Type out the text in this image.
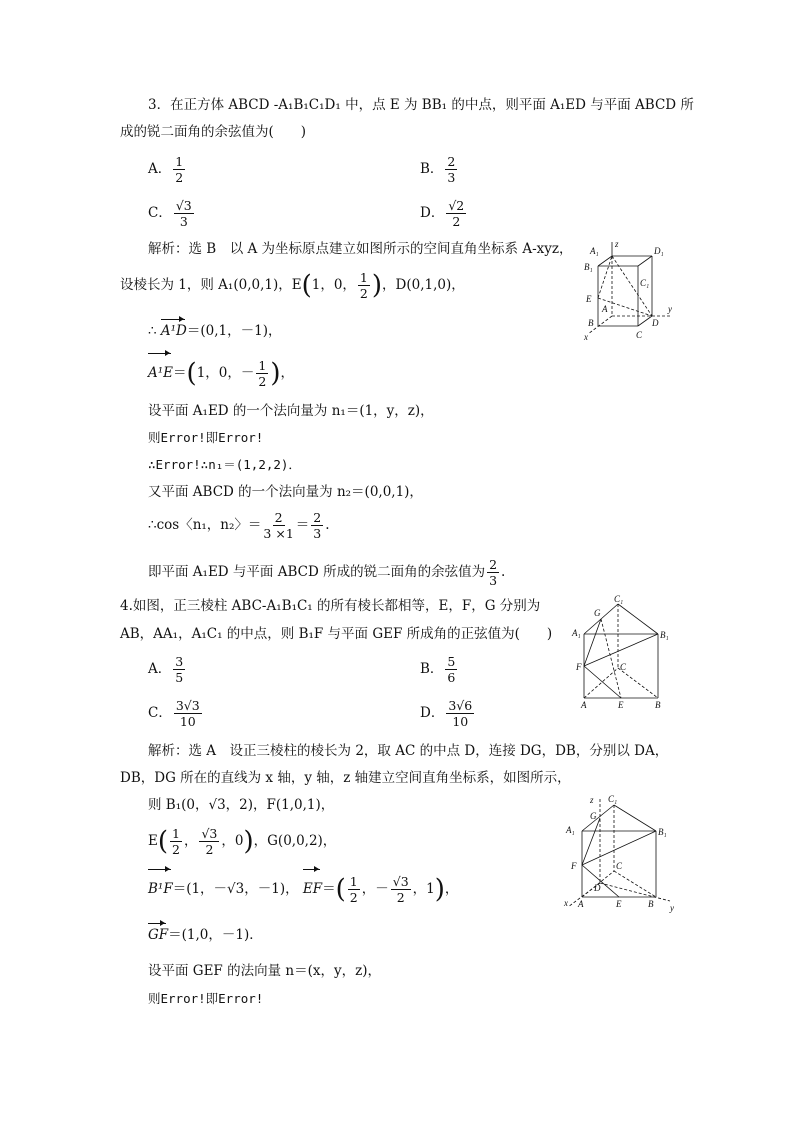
3．在正方体 ABCD -A₁B₁C₁D₁ 中，点 E 为 BB₁ 的中点，则平面 A₁ED 与平面 ABCD 所
成的锐二面角的余弦值为(　　)
A． $\frac{1}{2}$	B． $\frac{2}{3}$
C． $\frac{√3}{3}$	D． $\frac{√2}{2}$
解析：选 B　以 A 为坐标原点建立如图所示的空间直角坐标系 A-xyz，
设棱长为 1，则 A₁(0,0,1)，E(1，0， $\frac{1}{2}$ )，D(0,1,0)，
∴ A¹D＝(0,1，－1)，
A¹E＝(1，0，－ $\frac{1}{2}$ )，
设平面 A₁ED 的一个法向量为 n₁＝(1，y，z)，
则Error!即Error!
∴Error!∴n₁＝(1,2,2)．
又平面 ABCD 的一个法向量为 n₂＝(0,0,1)，
∴cos〈n₁，n₂〉＝ $\frac{2}{3 \times 1} = \frac{2}{3}$ .
即平面 A₁ED 与平面 ABCD 所成的锐二面角的余弦值为 $\frac{2}{3}$ .
A₁
z
D₁
B₁
C₁
E
A
D
y
B
C
x
4.如图，正三棱柱 ABC-A₁B₁C₁ 的所有棱长都相等，E，F，G 分别为
AB，AA₁，A₁C₁ 的中点，则 B₁F 与平面 GEF 所成角的正弦值为(　　)
A． $\frac{3}{5}$	B． $\frac{5}{6}$
C． $\frac{3√3}{10}$	D． $\frac{3√6}{10}$
解析：选 A　设正三棱柱的棱长为 2，取 AC 的中点 D，连接 DG，DB，分别以 DA，
DB，DG 所在的直线为 x 轴，y 轴，z 轴建立空间直角坐标系，如图所示，
则 B₁(0，√3，2)，F(1,0,1)，
$E( \frac{1}{2}$ ， $\frac{√3}{2}$ ，0)，G(0,0,2)，
B¹F＝(1，－√3，－1)， $EF=( \frac{1}{2}$ ，－ $\frac{√3}{2}$ ，1)，
GF＝(1,0，－1)．
设平面 GEF 的法向量 n＝(x，y，z)，
则Error!即Error!
G
C₁
A₁	B₁
F	C
A	E	B
z C₁
G
A₁	B₁
F	C
D
x A	E	B y
